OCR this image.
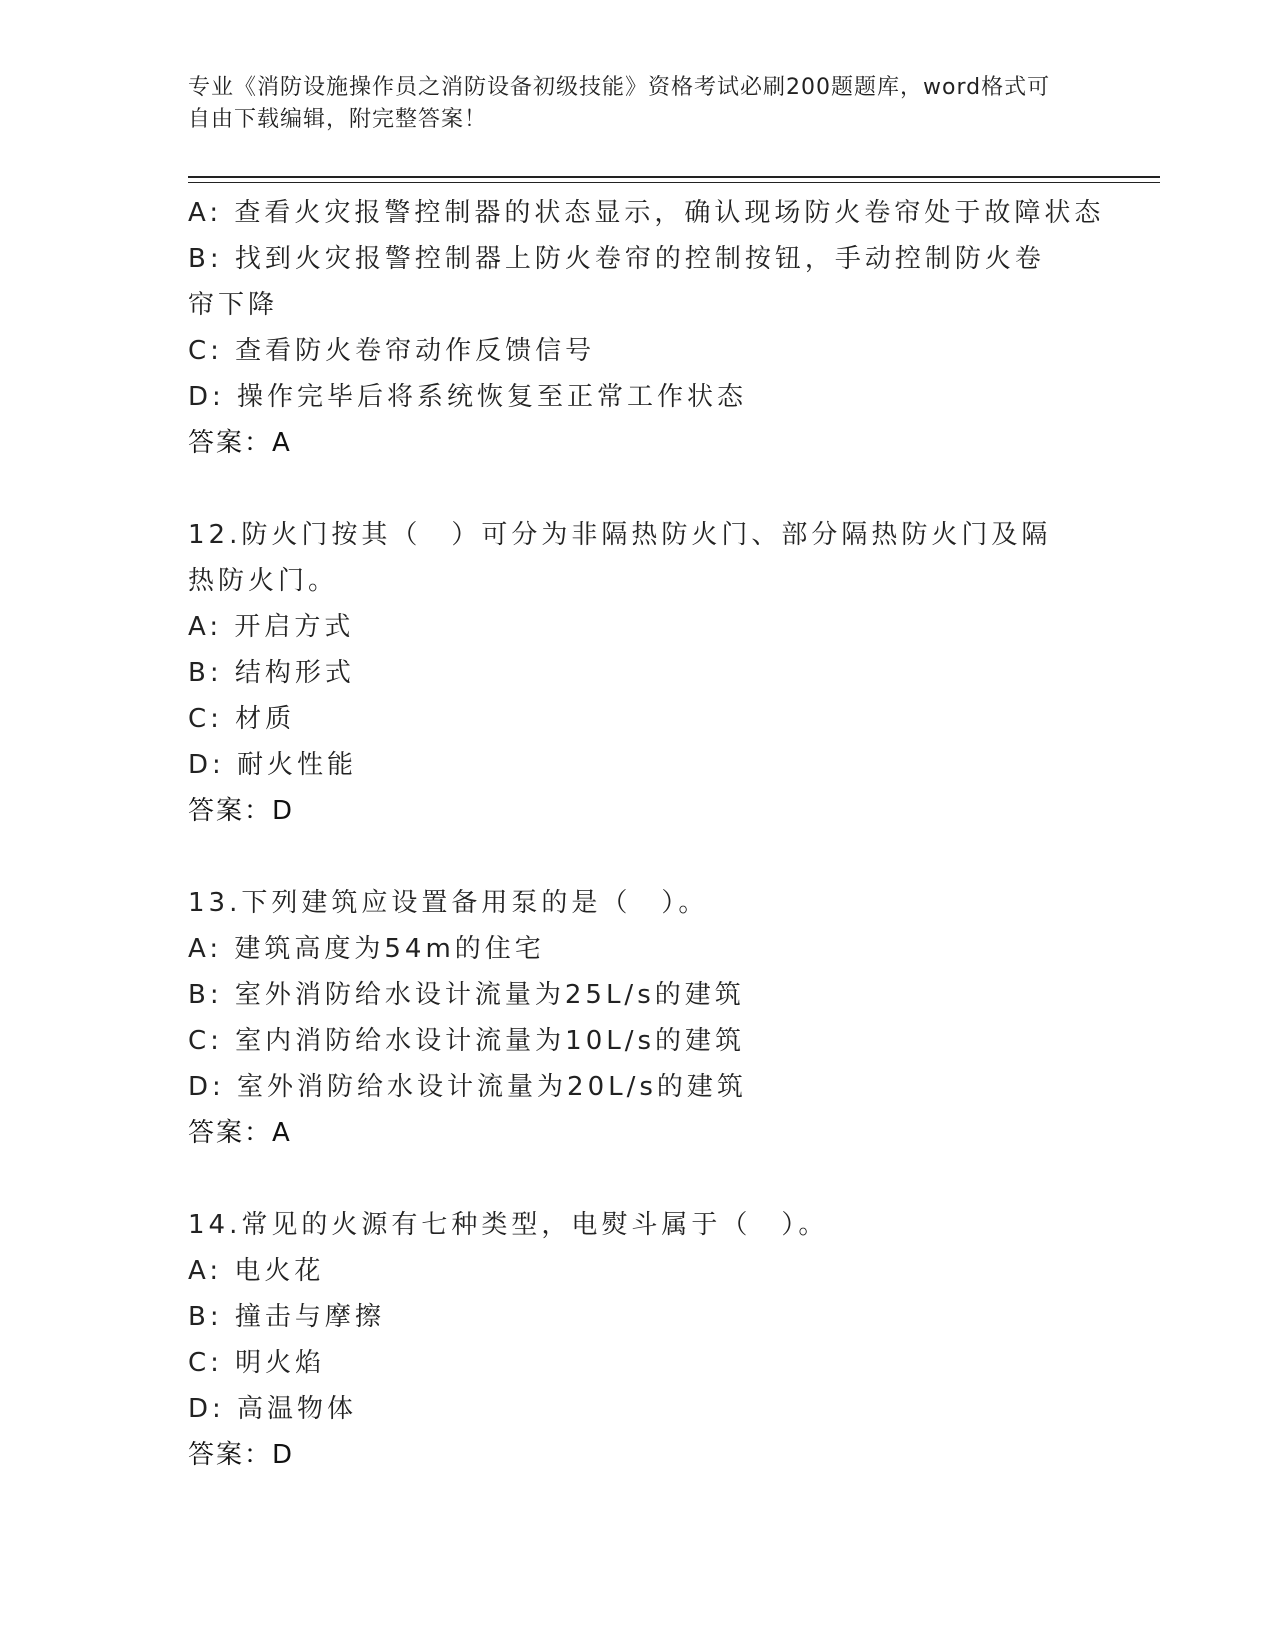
专业《消防设施操作员之消防设备初级技能》资格考试必刷200题题库，word格式可自由下载编辑，附完整答案！
A: 查看火灾报警控制器的状态显示，确认现场防火卷帘处于故障状态
B: 找到火灾报警控制器上防火卷帘的控制按钮，手动控制防火卷帘下降
C: 查看防火卷帘动作反馈信号
D: 操作完毕后将系统恢复至正常工作状态
答案：A
12.防火门按其（　）可分为非隔热防火门、部分隔热防火门及隔热防火门。
A: 开启方式
B: 结构形式
C: 材质
D: 耐火性能
答案：D
13.下列建筑应设置备用泵的是（　）。
A: 建筑高度为54m的住宅
B: 室外消防给水设计流量为25L/s的建筑
C: 室内消防给水设计流量为10L/s的建筑
D: 室外消防给水设计流量为20L/s的建筑
答案：A
14.常见的火源有七种类型，电熨斗属于（　）。
A: 电火花
B: 撞击与摩擦
C: 明火焰
D: 高温物体
答案：D
